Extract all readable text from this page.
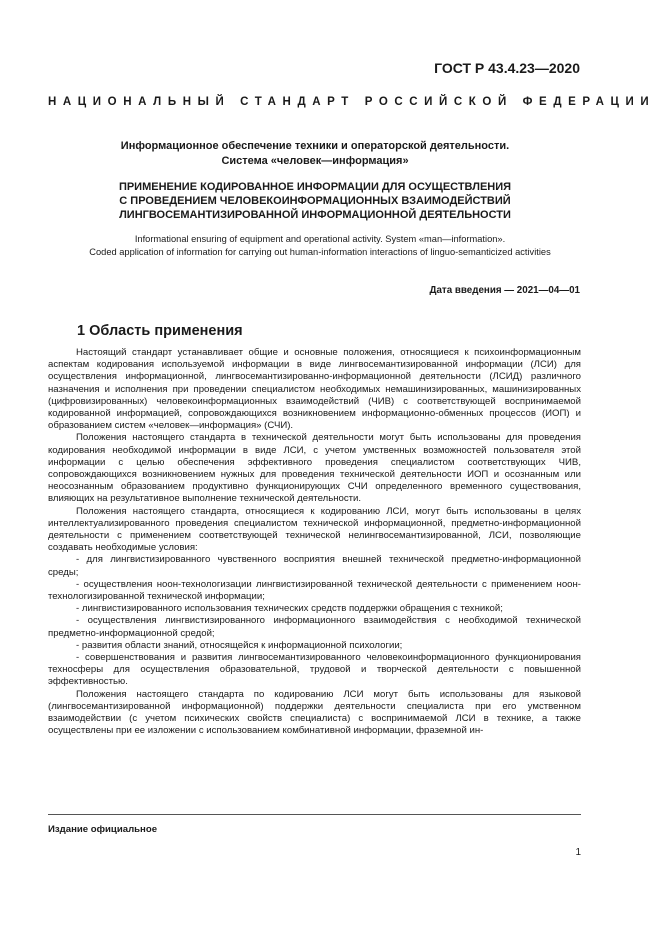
ГОСТ Р 43.4.23—2020
НАЦИОНАЛЬНЫЙ СТАНДАРТ РОССИЙСКОЙ ФЕДЕРАЦИИ
Информационное обеспечение техники и операторской деятельности.
Система «человек—информация»
ПРИМЕНЕНИЕ КОДИРОВАННОЕ ИНФОРМАЦИИ ДЛЯ ОСУЩЕСТВЛЕНИЯ
С ПРОВЕДЕНИЕМ ЧЕЛОВЕКОИНФОРМАЦИОННЫХ ВЗАИМОДЕЙСТВИЙ
ЛИНГВОСЕМАНТИЗИРОВАННОЙ ИНФОРМАЦИОННОЙ ДЕЯТЕЛЬНОСТИ
Informational ensuring of equipment and operational activity. System «man—information».
Coded application of information for carrying out human-information interactions of linguo-semanticized activities
Дата введения — 2021—04—01
1 Область применения

Настоящий стандарт устанавливает общие и основные положения, относящиеся к психоинформационным аспектам кодирования используемой информации в виде лингвосемантизированной информации (ЛСИ) для осуществления информационной, лингвосемантизированно-информационной деятельности (ЛСИД) различного назначения и исполнения при проведении специалистом необходимых немашинизированных, машинизированных (цифровизированных) человекоинформационных взаимодействий (ЧИВ) с соответствующей воспринимаемой кодированной информацией, сопровождающихся возникновением информационно-обменных процессов (ИОП) и образованием систем «человек—информация» (СЧИ).

Положения настоящего стандарта в технической деятельности могут быть использованы для проведения кодирования необходимой информации в виде ЛСИ, с учетом умственных возможностей пользователя этой информации с целью обеспечения эффективного проведения специалистом соответствующих ЧИВ, сопровождающихся возникновением нужных для проведения технической деятельности ИОП и осознанным или неосознанным образованием продуктивно функционирующих СЧИ определенного временного существования, влияющих на результативное выполнение технической деятельности.

Положения настоящего стандарта, относящиеся к кодированию ЛСИ, могут быть использованы в целях интеллектуализированного проведения специалистом технической информационной, предметно-информационной деятельности с применением соответствующей технической нелингвосемантизированной, ЛСИ, позволяющие создавать необходимые условия:

- для лингвистизированного чувственного восприятия внешней технической предметно-информационной среды;

- осуществления ноон-технологизации лингвистизированной технической деятельности с применением ноон-технологизированной технической информации;

- лингвистизированного использования технических средств поддержки обращения с техникой;

- осуществления лингвистизированного информационного взаимодействия с необходимой технической предметно-информационной средой;

- развития области знаний, относящейся к информационной психологии;

- совершенствования и развития лингвосемантизированного человекоинформационного функционирования техносферы для осуществления образовательной, трудовой и творческой деятельности с повышенной эффективностью.

Положения настоящего стандарта по кодированию ЛСИ могут быть использованы для языковой (лингвосемантизированной информационной) поддержки деятельности специалиста при его умственном взаимодействии (с учетом психических свойств специалиста) с воспринимаемой ЛСИ в технике, а также осуществлены при ее изложении с использованием комбинативной информации, фраземной ин-

Издание официальное
1
